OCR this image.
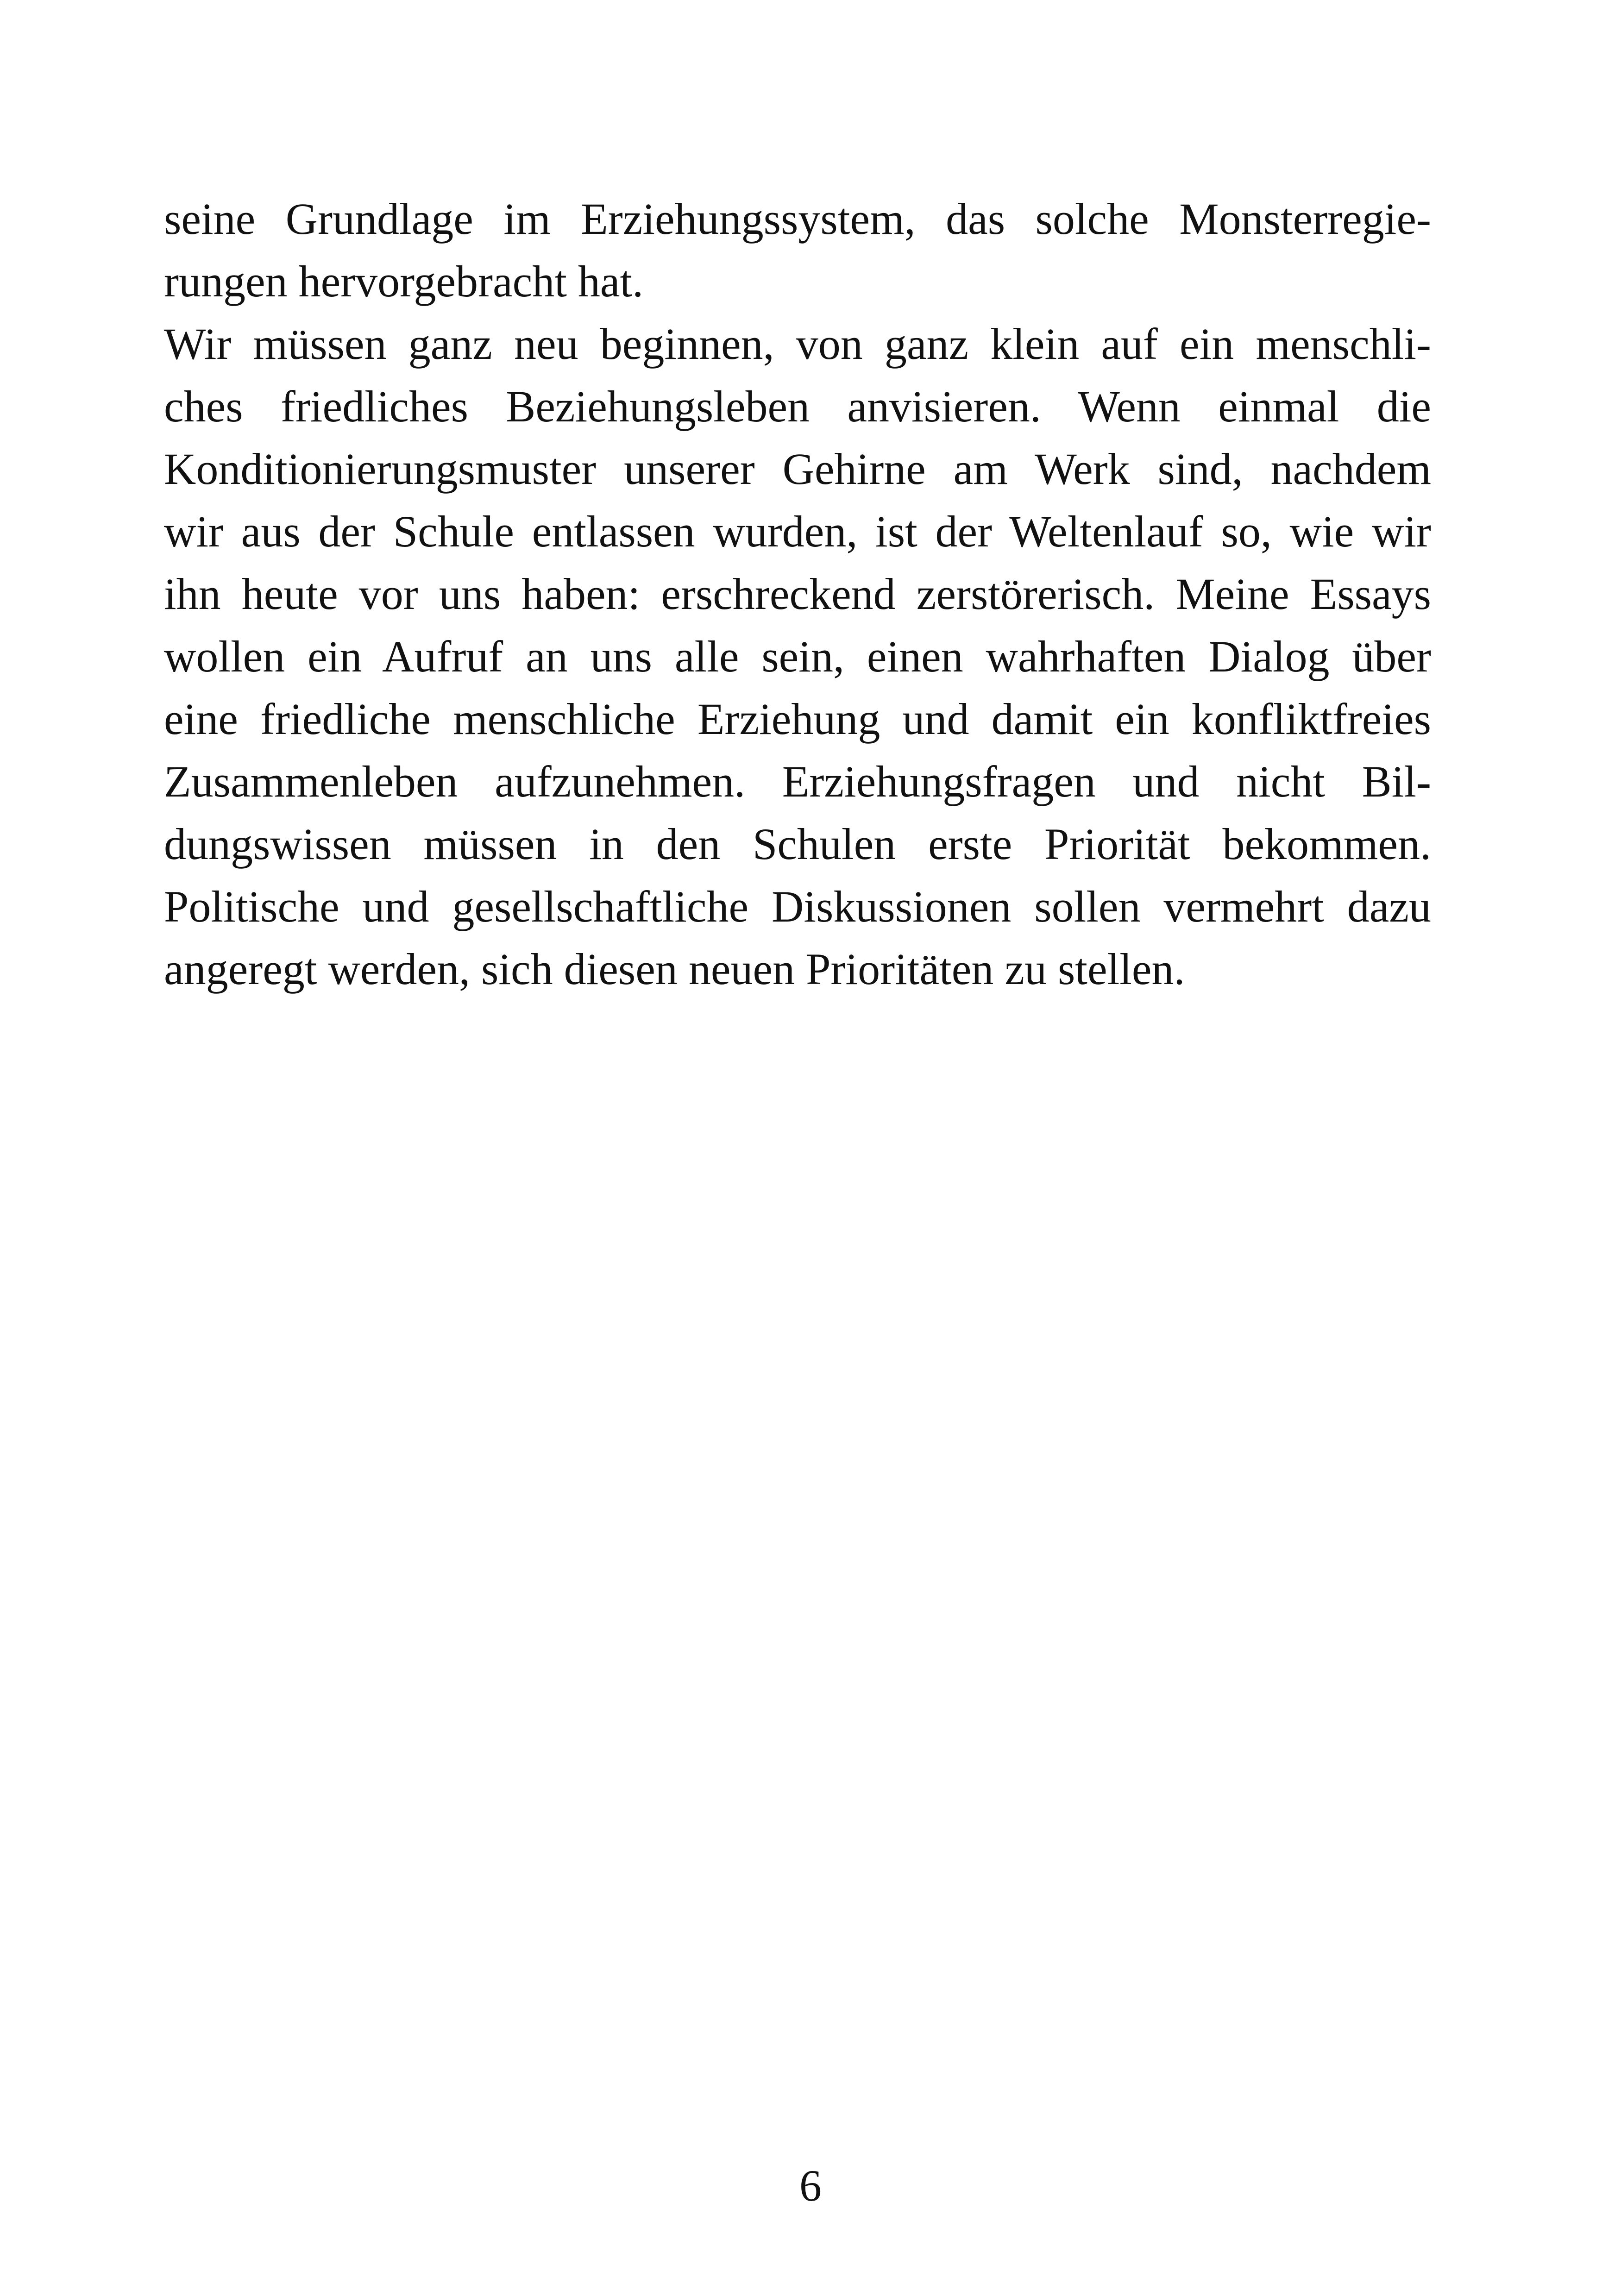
seine Grundlage im Erziehungssystem, das solche Monsterregie-
rungen hervorgebracht hat.
Wir müssen ganz neu beginnen, von ganz klein auf ein menschli-
ches friedliches Beziehungsleben anvisieren. Wenn einmal die
Konditionierungsmuster unserer Gehirne am Werk sind, nachdem
wir aus der Schule entlassen wurden, ist der Weltenlauf so, wie wir
ihn heute vor uns haben: erschreckend zerstörerisch. Meine Essays
wollen ein Aufruf an uns alle sein, einen wahrhaften Dialog über
eine friedliche menschliche Erziehung und damit ein konfliktfreies
Zusammenleben aufzunehmen. Erziehungsfragen und nicht Bil-
dungswissen müssen in den Schulen erste Priorität bekommen.
Politische und gesellschaftliche Diskussionen sollen vermehrt dazu
angeregt werden, sich diesen neuen Prioritäten zu stellen.
6
